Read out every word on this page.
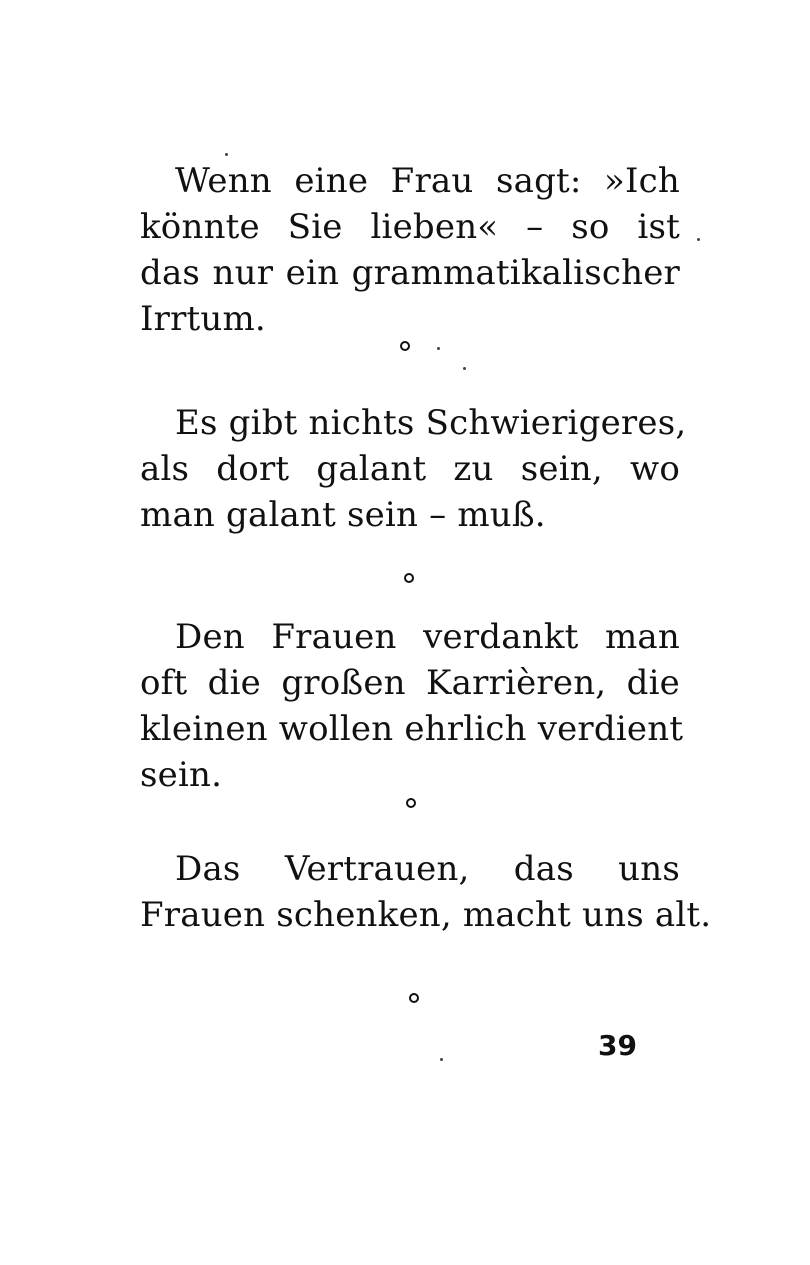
Wenn eine Frau sagt: »Ich
könnte Sie lieben« – so ist
das nur ein grammatikalischer
Irrtum.
Es gibt nichts Schwierigeres,
als dort galant zu sein, wo
man galant sein – muß.
Den Frauen verdankt man
oft die großen Karrièren, die
kleinen wollen ehrlich verdient
sein.
Das Vertrauen, das uns
Frauen schenken, macht uns alt.
39
